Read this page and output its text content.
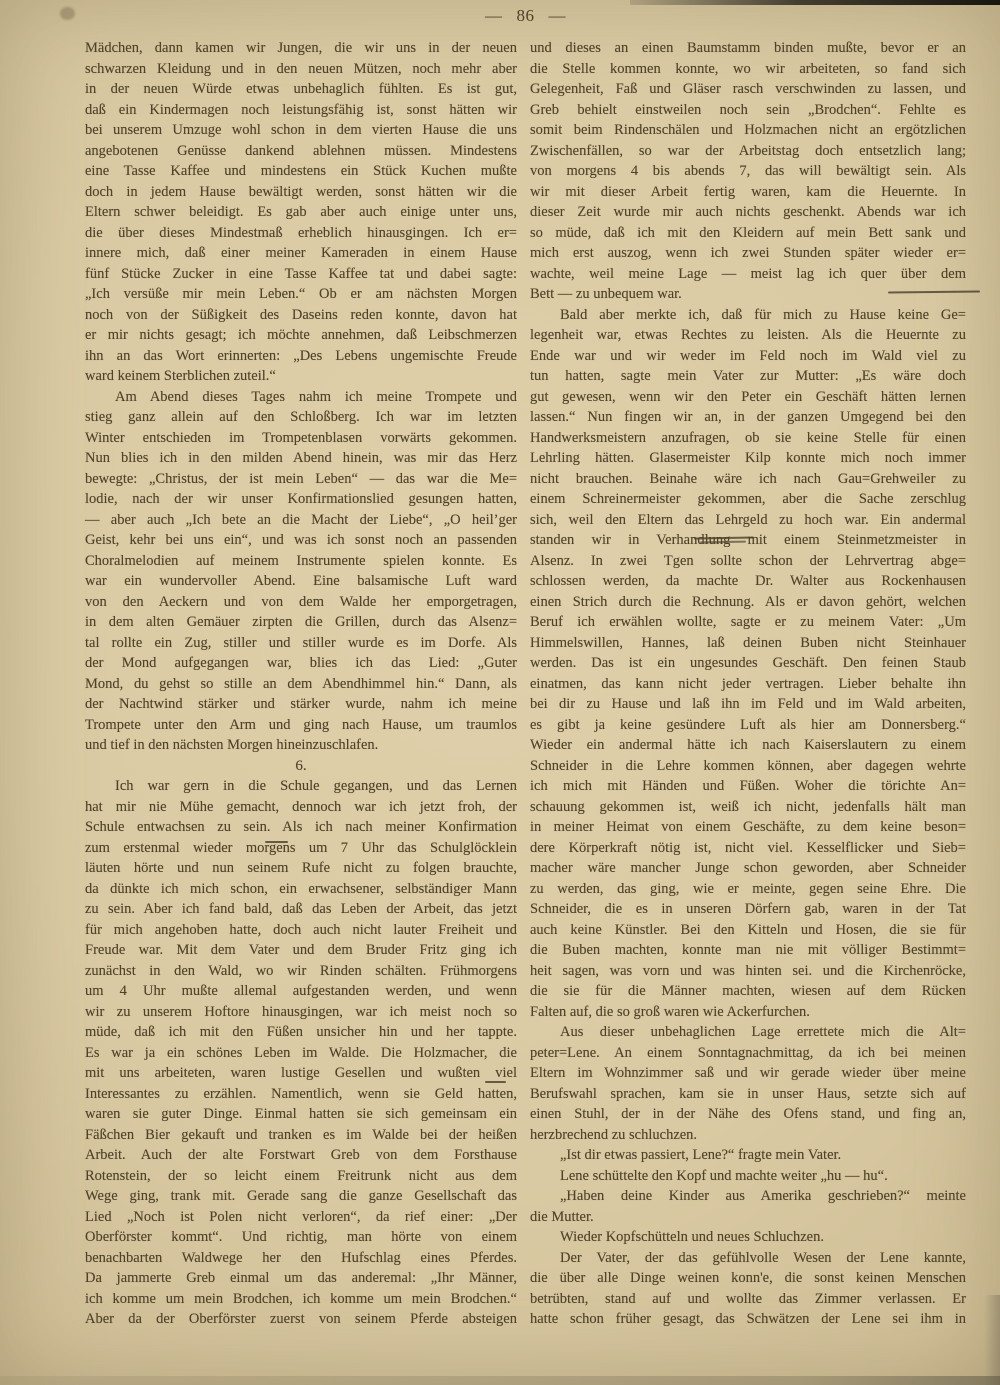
— 86 —
Mädchen, dann kamen wir Jungen, die wir uns in der neuen
schwarzen Kleidung und in den neuen Mützen, noch mehr aber
in der neuen Würde etwas unbehaglich fühlten. Es ist gut,
daß ein Kindermagen noch leistungsfähig ist, sonst hätten wir
bei unserem Umzuge wohl schon in dem vierten Hause die uns
angebotenen Genüsse dankend ablehnen müssen. Mindestens
eine Tasse Kaffee und mindestens ein Stück Kuchen mußte
doch in jedem Hause bewältigt werden, sonst hätten wir die
Eltern schwer beleidigt. Es gab aber auch einige unter uns,
die über dieses Mindestmaß erheblich hinausgingen. Ich er=
innere mich, daß einer meiner Kameraden in einem Hause
fünf Stücke Zucker in eine Tasse Kaffee tat und dabei sagte:
„Ich versüße mir mein Leben.“ Ob er am nächsten Morgen
noch von der Süßigkeit des Daseins reden konnte, davon hat
er mir nichts gesagt; ich möchte annehmen, daß Leibschmerzen
ihn an das Wort erinnerten: „Des Lebens ungemischte Freude
ward keinem Sterblichen zuteil.“
Am Abend dieses Tages nahm ich meine Trompete und
stieg ganz allein auf den Schloßberg. Ich war im letzten
Winter entschieden im Trompetenblasen vorwärts gekommen.
Nun blies ich in den milden Abend hinein, was mir das Herz
bewegte: „Christus, der ist mein Leben“ — das war die Me=
lodie, nach der wir unser Konfirmationslied gesungen hatten,
— aber auch „Ich bete an die Macht der Liebe“, „O heil’ger
Geist, kehr bei uns ein“, und was ich sonst noch an passenden
Choralmelodien auf meinem Instrumente spielen konnte. Es
war ein wundervoller Abend. Eine balsamische Luft ward
von den Aeckern und von dem Walde her emporgetragen,
in dem alten Gemäuer zirpten die Grillen, durch das Alsenz=
tal rollte ein Zug, stiller und stiller wurde es im Dorfe. Als
der Mond aufgegangen war, blies ich das Lied: „Guter
Mond, du gehst so stille an dem Abendhimmel hin.“ Dann, als
der Nachtwind stärker und stärker wurde, nahm ich meine
Trompete unter den Arm und ging nach Hause, um traumlos
und tief in den nächsten Morgen hineinzuschlafen.
6.
Ich war gern in die Schule gegangen, und das Lernen
hat mir nie Mühe gemacht, dennoch war ich jetzt froh, der
Schule entwachsen zu sein. Als ich nach meiner Konfirmation
zum erstenmal wieder morgens um 7 Uhr das Schulglöcklein
läuten hörte und nun seinem Rufe nicht zu folgen brauchte,
da dünkte ich mich schon, ein erwachsener, selbständiger Mann
zu sein. Aber ich fand bald, daß das Leben der Arbeit, das jetzt
für mich angehoben hatte, doch auch nicht lauter Freiheit und
Freude war. Mit dem Vater und dem Bruder Fritz ging ich
zunächst in den Wald, wo wir Rinden schälten. Frühmorgens
um 4 Uhr mußte allemal aufgestanden werden, und wenn
wir zu unserem Hoftore hinausgingen, war ich meist noch so
müde, daß ich mit den Füßen unsicher hin und her tappte.
Es war ja ein schönes Leben im Walde. Die Holzmacher, die
mit uns arbeiteten, waren lustige Gesellen und wußten viel
Interessantes zu erzählen. Namentlich, wenn sie Geld hatten,
waren sie guter Dinge. Einmal hatten sie sich gemeinsam ein
Fäßchen Bier gekauft und tranken es im Walde bei der heißen
Arbeit. Auch der alte Forstwart Greb von dem Forsthause
Rotenstein, der so leicht einem Freitrunk nicht aus dem
Wege ging, trank mit. Gerade sang die ganze Gesellschaft das
Lied „Noch ist Polen nicht verloren“, da rief einer: „Der
Oberförster kommt“. Und richtig, man hörte von einem
benachbarten Waldwege her den Hufschlag eines Pferdes.
Da jammerte Greb einmal um das anderemal: „Ihr Männer,
ich komme um mein Brodchen, ich komme um mein Brodchen.“
Aber da der Oberförster zuerst von seinem Pferde absteigen
und dieses an einen Baumstamm binden mußte, bevor er an
die Stelle kommen konnte, wo wir arbeiteten, so fand sich
Gelegenheit, Faß und Gläser rasch verschwinden zu lassen, und
Greb behielt einstweilen noch sein „Brodchen“. Fehlte es
somit beim Rindenschälen und Holzmachen nicht an ergötzlichen
Zwischenfällen, so war der Arbeitstag doch entsetzlich lang;
von morgens 4 bis abends 7, das will bewältigt sein. Als
wir mit dieser Arbeit fertig waren, kam die Heuernte. In
dieser Zeit wurde mir auch nichts geschenkt. Abends war ich
so müde, daß ich mit den Kleidern auf mein Bett sank und
mich erst auszog, wenn ich zwei Stunden später wieder er=
wachte, weil meine Lage — meist lag ich quer über dem
Bett — zu unbequem war.
Bald aber merkte ich, daß für mich zu Hause keine Ge=
legenheit war, etwas Rechtes zu leisten. Als die Heuernte zu
Ende war und wir weder im Feld noch im Wald viel zu
tun hatten, sagte mein Vater zur Mutter: „Es wäre doch
gut gewesen, wenn wir den Peter ein Geschäft hätten lernen
lassen.“ Nun fingen wir an, in der ganzen Umgegend bei den
Handwerksmeistern anzufragen, ob sie keine Stelle für einen
Lehrling hätten. Glasermeister Kilp konnte mich noch immer
nicht brauchen. Beinahe wäre ich nach Gau=Grehweiler zu
einem Schreinermeister gekommen, aber die Sache zerschlug
sich, weil den Eltern das Lehrgeld zu hoch war. Ein andermal
standen wir in Verhandlung mit einem Steinmetzmeister in
Alsenz. In zwei Tgen sollte schon der Lehrvertrag abge=
schlossen werden, da machte Dr. Walter aus Rockenhausen
einen Strich durch die Rechnung. Als er davon gehört, welchen
Beruf ich erwählen wollte, sagte er zu meinem Vater: „Um
Himmelswillen, Hannes, laß deinen Buben nicht Steinhauer
werden. Das ist ein ungesundes Geschäft. Den feinen Staub
einatmen, das kann nicht jeder vertragen. Lieber behalte ihn
bei dir zu Hause und laß ihn im Feld und im Wald arbeiten,
es gibt ja keine gesündere Luft als hier am Donnersberg.“
Wieder ein andermal hätte ich nach Kaiserslautern zu einem
Schneider in die Lehre kommen können, aber dagegen wehrte
ich mich mit Händen und Füßen. Woher die törichte An=
schauung gekommen ist, weiß ich nicht, jedenfalls hält man
in meiner Heimat von einem Geschäfte, zu dem keine beson=
dere Körperkraft nötig ist, nicht viel. Kesselflicker und Sieb=
macher wäre mancher Junge schon geworden, aber Schneider
zu werden, das ging, wie er meinte, gegen seine Ehre. Die
Schneider, die es in unseren Dörfern gab, waren in der Tat
auch keine Künstler. Bei den Kitteln und Hosen, die sie für
die Buben machten, konnte man nie mit völliger Bestimmt=
heit sagen, was vorn und was hinten sei. und die Kirchenröcke,
die sie für die Männer machten, wiesen auf dem Rücken
Falten auf, die so groß waren wie Ackerfurchen.
Aus dieser unbehaglichen Lage errettete mich die Alt=
peter=Lene. An einem Sonntagnachmittag, da ich bei meinen
Eltern im Wohnzimmer saß und wir gerade wieder über meine
Berufswahl sprachen, kam sie in unser Haus, setzte sich auf
einen Stuhl, der in der Nähe des Ofens stand, und fing an,
herzbrechend zu schluchzen.
„Ist dir etwas passiert, Lene?“ fragte mein Vater.
Lene schüttelte den Kopf und machte weiter „hu — hu“.
„Haben deine Kinder aus Amerika geschrieben?“ meinte
die Mutter.
Wieder Kopfschütteln und neues Schluchzen.
Der Vater, der das gefühlvolle Wesen der Lene kannte,
die über alle Dinge weinen konn'e, die sonst keinen Menschen
betrübten, stand auf und wollte das Zimmer verlassen. Er
hatte schon früher gesagt, das Schwätzen der Lene sei ihm in
